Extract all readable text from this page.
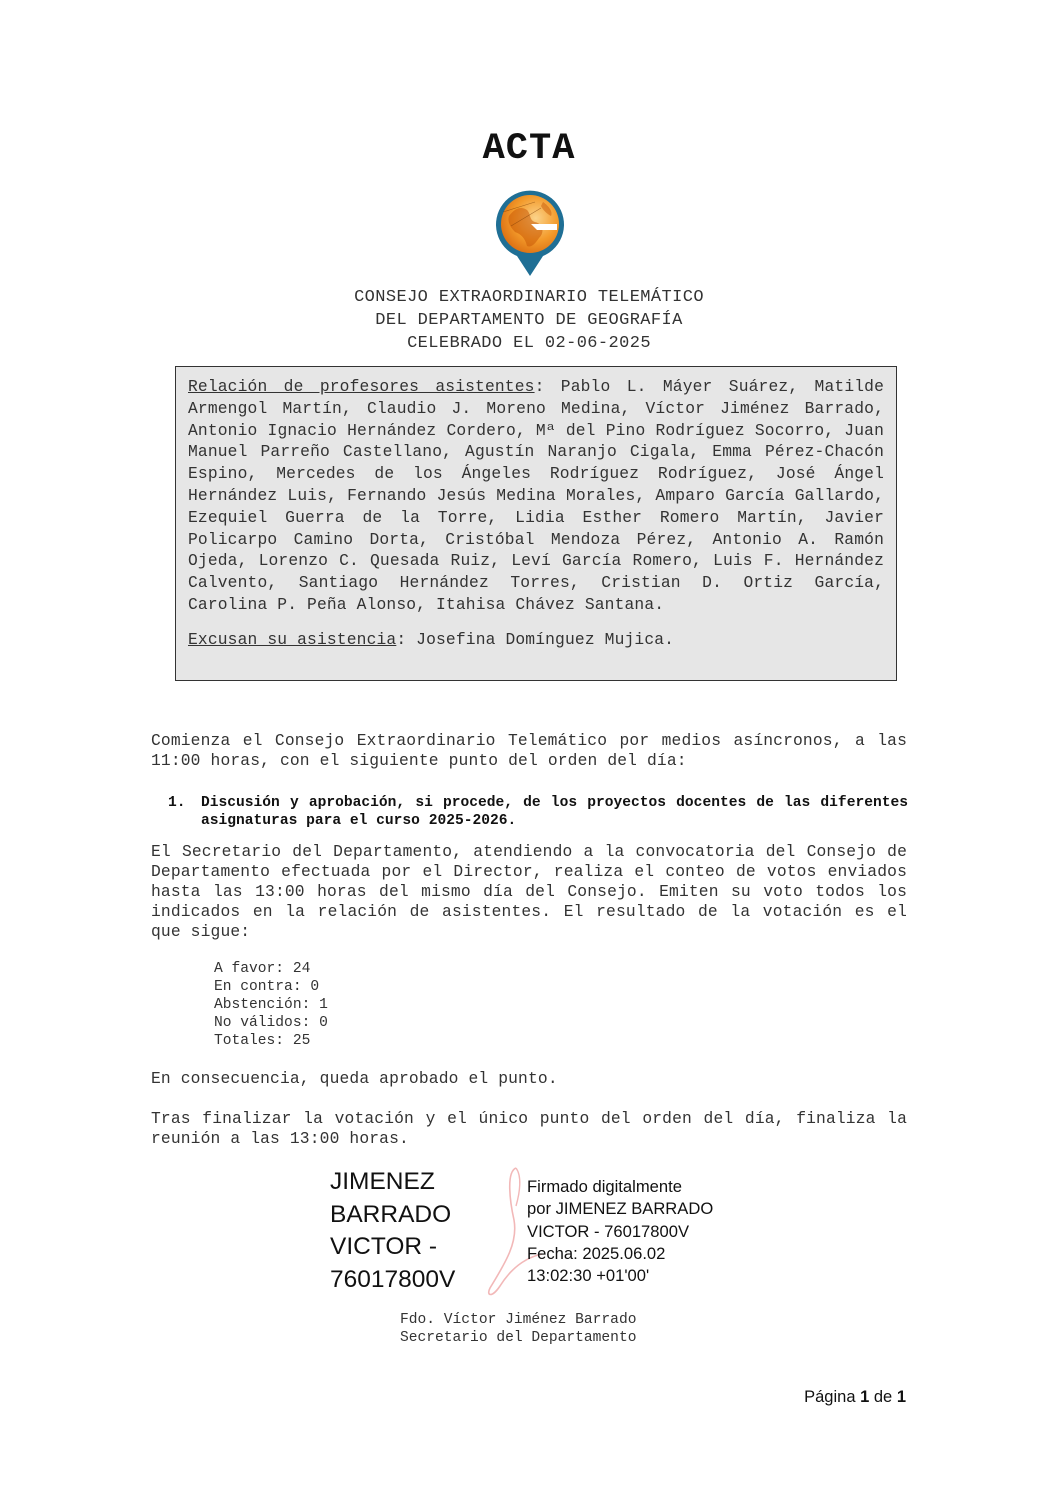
ACTA
CONSEJO EXTRAORDINARIO TELEMÁTICO
DEL DEPARTAMENTO DE GEOGRAFÍA
CELEBRADO EL 02-06-2025

Relación de profesores asistentes: Pablo L. Máyer Suárez, Matilde Armengol Martín, Claudio J. Moreno Medina, Víctor Jiménez Barrado, Antonio Ignacio Hernández Cordero, Mª del Pino Rodríguez Socorro, Juan Manuel Parreño Castellano, Agustín Naranjo Cigala, Emma Pérez-Chacón Espino, Mercedes de los Ángeles Rodríguez Rodríguez, José Ángel Hernández Luis, Fernando Jesús Medina Morales, Amparo García Gallardo, Ezequiel Guerra de la Torre, Lidia Esther Romero Martín, Javier Policarpo Camino Dorta, Cristóbal Mendoza Pérez, Antonio A. Ramón Ojeda, Lorenzo C. Quesada Ruiz, Leví García Romero, Luis F. Hernández Calvento, Santiago Hernández Torres, Cristian D. Ortiz García, Carolina P. Peña Alonso, Itahisa Chávez Santana.

Excusan su asistencia: Josefina Domínguez Mujica.

Comienza el Consejo Extraordinario Telemático por medios asíncronos, a las 11:00 horas, con el siguiente punto del orden del día:
1. Discusión y aprobación, si procede, de los proyectos docentes de las diferentes asignaturas para el curso 2025-2026.
El Secretario del Departamento, atendiendo a la convocatoria del Consejo de Departamento efectuada por el Director, realiza el conteo de votos enviados hasta las 13:00 horas del mismo día del Consejo. Emiten su voto todos los indicados en la relación de asistentes. El resultado de la votación es el que sigue:
A favor: 24
En contra: 0
Abstención: 1
No válidos: 0
Totales: 25
En consecuencia, queda aprobado el punto.
Tras finalizar la votación y el único punto del orden del día, finaliza la reunión a las 13:00 horas.
JIMENEZ
BARRADO
VICTOR -
76017800V
Firmado digitalmente
por JIMENEZ BARRADO
VICTOR - 76017800V
Fecha: 2025.06.02
13:02:30 +01'00'
Fdo. Víctor Jiménez Barrado
Secretario del Departamento
Página 1 de 1
